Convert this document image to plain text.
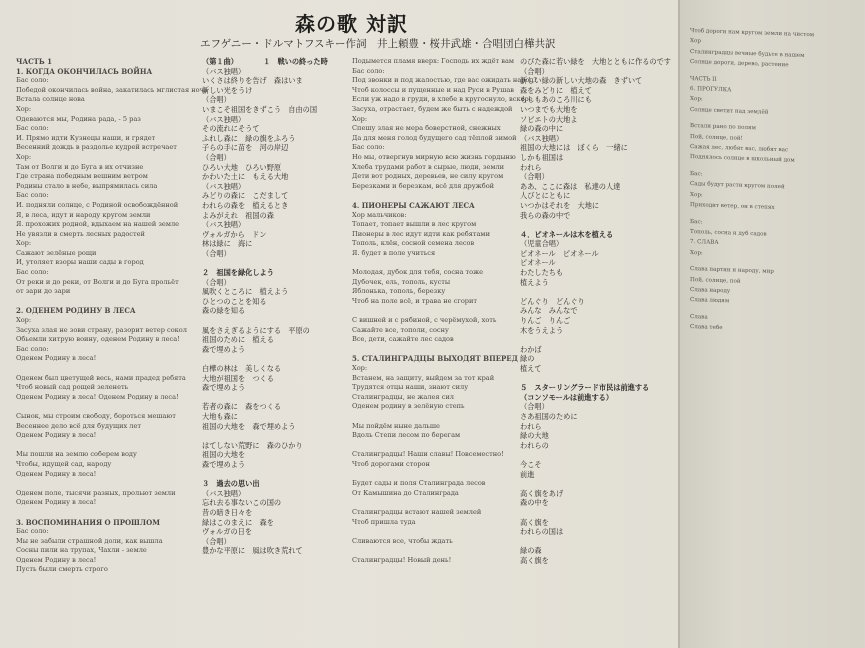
森の歌 対訳
エフゲニー・ドルマトフスキー作詞　井上頼豊・桜井武雄・合唱団白樺共訳
ЧАСТЬ 1
1. КОГДА ОКОНЧИЛАСЬ ВОЙНА
Бас соло:
Победой окончилась война, закатилась мглистая ночь
Встала солнце нова
Хор:
Одеваются мы, Родина рада, - 5 раз
Бас соло:
И. Прямо идти Кузнецы наши, и грядет
Весенний дождь в раздолье кудрей встречает
Хор:
Там от Волги и до Буга в их отчизне
Где страна победным вешним ветром
Родины стало в небе, выпрямилась сила
Бас соло:
И. подняли солнце, с Родиной освобождённой
Я, в леса, идут и народу кругом земли
Я. прохожих родной, вдыхаем на нашей земле
Не увязли в смерть лесных радостей
Хор:
Сажают зелёные рощи
И, утоляет взоры наши сады в город
Бас соло:
От реки и до реки, от Волги и до Буга прольёт
от зари до зари
2. ОДЕНЕМ РОДИНУ В ЛЕСА
Хор:
Засуха злая не зови страну, разорит ветер сокол
Обьемли хитрую воину, оденем Родину в леса!
Бас соло:
Оденем Родину в леса!
Оденем был цветущей весь, нами прадед ребята
Чтоб новый сад рощей зеленеть
Оденем Родину в леса! Оденем Родину в леса!
Сынок, мы строим свободу, бороться мешают
Весеннее дело всё для будущих лет
Оденем Родину в леса!
Мы пошли на землю соберем воду
Чтобы, идущей сад, народу
Оденем Родину в леса!
Оденем поле, тысячи разных, прольют земли
Оденем Родину в леса!
3. ВОСПОМИНАНИЯ О ПРОШЛОМ
Бас соло:
Мы не забыли страшной доли, как вышла
Сосны пили на трупах, Чахли - земле
Оденем Родину в леса!
Пусть были смерть строго
（第１曲）　　　　１　戦いの終った時
（バス独唱）
いくさは終りを告げ　森はいま
新しい光をうけ
（合唱）
いまこそ祖国をきずこう　自由の国
（バス独唱）
その流れにそうて
ふれし森に　緑の旗をふろう
子らの手に苗を　河の岸辺
（合唱）
ひろい大地　ひろい野原
かわいた土に　もえる大地
（バス独唱）
みどりの森に　こだまして
われらの森を　植えるとき
よみがえれ　祖国の森
（バス独唱）
ヴォルガから　ドン
林は緑に　海に
（合唱）
２　祖国を緑化しよう
（合唱）
風吹くところに　植えよう
ひとつのことを知る
森の緑を知る
風をさえぎるようにする　平原の
祖国のために　植える
森で埋めよう
白樺の林は　美しくなる
大地が祖国を　つくる
森で埋めよう
若者の森に　森をつくる
大地も森に
祖国の大地を　森で埋めよう
はてしない荒野に　森のひかり
祖国の大地を
森で埋めよう
３　過去の思い出
（バス独唱）
忘れ去る事ないこの国の
昔の暗き日々を
緑はこのまえに　森を
ヴォルガの日を
（合唱）
豊かな平原に　風は吹き荒れて
Подымется пламя вверх: Господь их ждёт вам
Бас соло:
Под звонки и под жалостью, где вас ожидать народ?
Чтоб колоссы и пущенные и над Руси в Рушав
Если уж надо в груди, в хлебе в кругоснуло, вскоре
Засуха, отрастает, будем же быть с надеждой
Хор:
Спешу злая не мера боверстной, снежных
Да для меня голод будущего сад тёплой зимой
Бас соло:
Но мы, отвергнув мирную всю жизнь гордыню
Хлеба трудами работ в сырые, люди, земли
Дети вот родных, деревьев, не силу кругом
Березками и березкам, всё для дружбой
4. ПИОНЕРЫ САЖАЮТ ЛЕСА
Хор мальчиков:
Топает, топает вышли в лес кругом
Пионеры в лес идут идти как ребятами
Тополь, клён, сосной семена лесов
Я. будет в поле учиться
Молодая, дубок для тебя, сосна тоже
Дубочек, ель, тополь, кусты
Яблонька, тополь, березку
Чтоб на поле всё, и трава не сгорит
С вишней и с рябиной, с черёмухой, хоть
Сажайте все, тополи, сосну
Все, дети, сажайте лес садов
5. СТАЛИНГРАДЦЫ ВЫХОДЯТ ВПЕРЕД
Хор:
Встанем, на защиту, выйдем за тот край
Трудятся отцы наши, знают силу
Сталинградцы, не жалея сил
Оденем родину в зелёную степь
Мы пойдём ныне дальше
Вдоль Степи лесом по берегам
Сталинградцы! Наши славы! Повсеместно!
Чтоб дорогами сторон
Будет сады и поля Сталинграда лесов
От Камышина до Сталинграда
Сталинградцы встают нашей землей
Чтоб пришла туда
Сливаются все, чтобы ждать
Сталинградцы! Новый день!
のびた森に若い緑を　大地とともに作るのです
（合唱）
新しい緑の新しい大地の森　きずいて
森をみどりに　植えて
もしもあのころ川にも
いつまでも大地を
ソビエトの大地よ
緑の森の中に
（バス独唱）
祖国の大地には　ぼくら　一緒に
しかも祖国は
われら
（合唱）
ああ、ここに森は　私達の人達
人びとにともに
いつかはそれを　大地に
我らの森の中で
４．ピオネールは木を植える
（児童合唱）
ピオネール　ピオネール
ピオネール
わたしたちも
植えよう
どんぐり　どんぐり
みんな　みんなで
りんご　りんご
木をうえよう
わかば
緑の
植えて
５　スターリングラード市民は前進する
（コンソモールは前進する）
（合唱）
さあ祖国のために
われら
緑の大地
われらの
今こそ
前進
高く旗をあげ
森の中を
高く旗を
われらの国は
緑の森
高く旗を
Чтоб дороги нам кругом земли на чистом
Хор
Сталинградцы вечные будьте в нашем
Солнце дороги, дерево, растение
ЧАСТЬ II
6. ПРОГУЛКА
Хор:
Солнце светит над землёй
Встали рано по полям
Пой, солнце, пой!
Сажая лес, любят вас, любят вас
Поднялось солнце в школьный дом
Бас:
Сады будут расти кругом полей
Хор:
Приходит ветер, он в степях
Бас:
Тополь, сосна и дуб садов
7. СЛАВА
Хор:
Слава партии и народу, мир
Пой, солнце, пой
Слава народу
Слава людям
Слава
Слава тебе
